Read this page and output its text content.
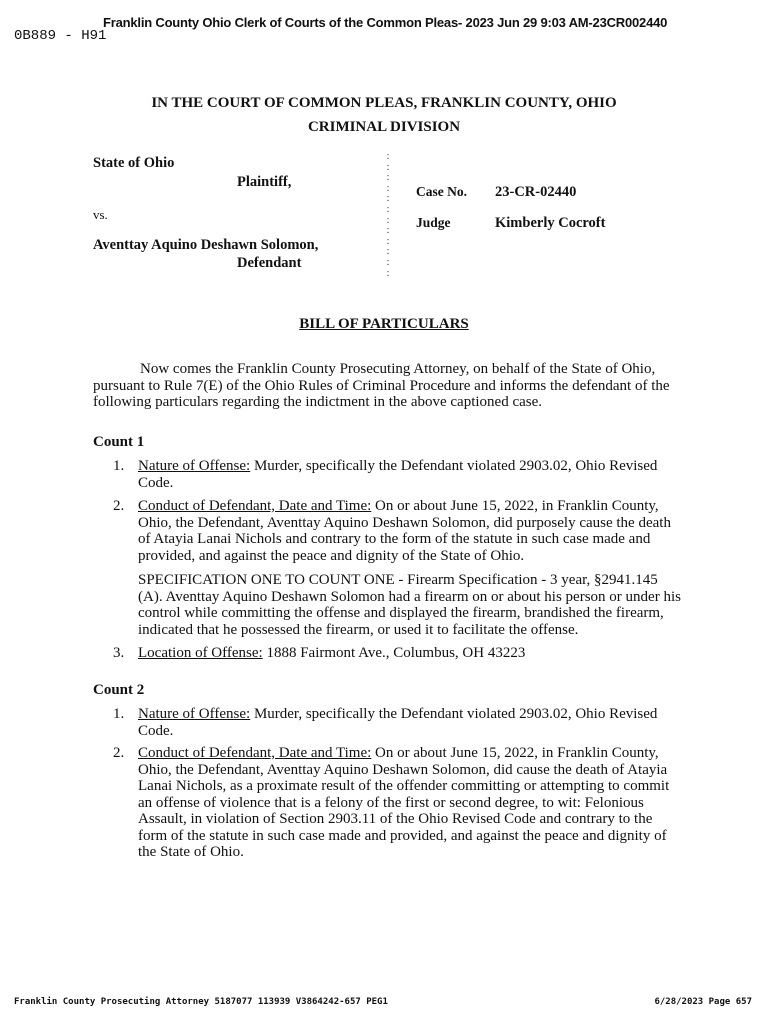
Franklin County Ohio Clerk of Courts of the Common Pleas- 2023 Jun 29 9:03 AM-23CR002440
0B889 - H91
IN THE COURT OF COMMON PLEAS, FRANKLIN COUNTY, OHIO
CRIMINAL DIVISION
State of Ohio
Plaintiff,
vs.
Aventtay Aquino Deshawn Solomon,
Defendant
:
:
:
:
:
:
:
:
:
:
:
:
Case No. 23-CR-02440
Judge	Kimberly Cocroft
BILL OF PARTICULARS
Now comes the Franklin County Prosecuting Attorney, on behalf of the State of Ohio, pursuant to Rule 7(E) of the Ohio Rules of Criminal Procedure and informs the defendant of the following particulars regarding the indictment in the above captioned case.
Count 1
1. Nature of Offense: Murder, specifically the Defendant violated 2903.02, Ohio Revised Code.
2. Conduct of Defendant, Date and Time: On or about June 15, 2022, in Franklin County, Ohio, the Defendant, Aventtay Aquino Deshawn Solomon, did purposely cause the death of Atayia Lanai Nichols and contrary to the form of the statute in such case made and provided, and against the peace and dignity of the State of Ohio.
SPECIFICATION ONE TO COUNT ONE - Firearm Specification - 3 year, §2941.145 (A). Aventtay Aquino Deshawn Solomon had a firearm on or about his person or under his control while committing the offense and displayed the firearm, brandished the firearm, indicated that he possessed the firearm, or used it to facilitate the offense.
3. Location of Offense: 1888 Fairmont Ave., Columbus, OH 43223
Count 2
1. Nature of Offense: Murder, specifically the Defendant violated 2903.02, Ohio Revised Code.
2. Conduct of Defendant, Date and Time: On or about June 15, 2022, in Franklin County, Ohio, the Defendant, Aventtay Aquino Deshawn Solomon, did cause the death of Atayia Lanai Nichols, as a proximate result of the offender committing or attempting to commit an offense of violence that is a felony of the first or second degree, to wit: Felonious Assault, in violation of Section 2903.11 of the Ohio Revised Code and contrary to the form of the statute in such case made and provided, and against the peace and dignity of the State of Ohio.
Franklin County Prosecuting Attorney 5187077 113939 V3864242-657 PEG1	6/28/2023 Page 657
